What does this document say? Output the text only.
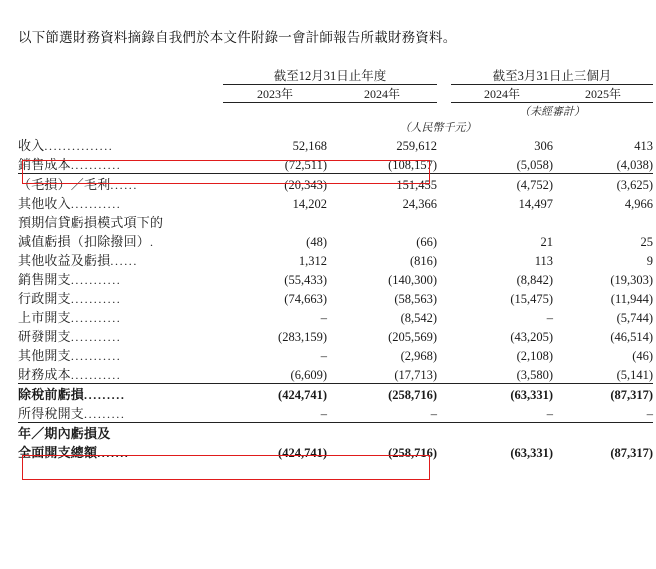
以下節選財務資料摘錄自我們於本文件附錄一會計師報告所載財務資料。

	截至12月31日止年度			截至3月31日止三個月	
	2023年	2024年		2024年	2025年
				（未經審計）	
	（人民幣千元）				
收入...............	52,168	259,612		306	413
銷售成本...........	(72,511)	(108,157)		(5,058)	(4,038)
（毛損）／毛利......	(20,343)	151,455		(4,752)	(3,625)
其他收入...........	14,202	24,366		14,497	4,966
預期信貸虧損模式項下的					
減值虧損（扣除撥回）.	(48)	(66)		21	25
其他收益及虧損......	1,312	(816)		113	9
銷售開支...........	(55,433)	(140,300)		(8,842)	(19,303)
行政開支...........	(74,663)	(58,563)		(15,475)	(11,944)
上市開支...........	–	(8,542)		–	(5,744)
研發開支...........	(283,159)	(205,569)		(43,205)	(46,514)
其他開支...........	–	(2,968)		(2,108)	(46)
財務成本...........	(6,609)	(17,713)		(3,580)	(5,141)
除稅前虧損.........	(424,741)	(258,716)		(63,331)	(87,317)
所得稅開支.........	–	–		–	–
年／期內虧損及					
全面開支總額.......	(424,741)	(258,716)		(63,331)	(87,317)
